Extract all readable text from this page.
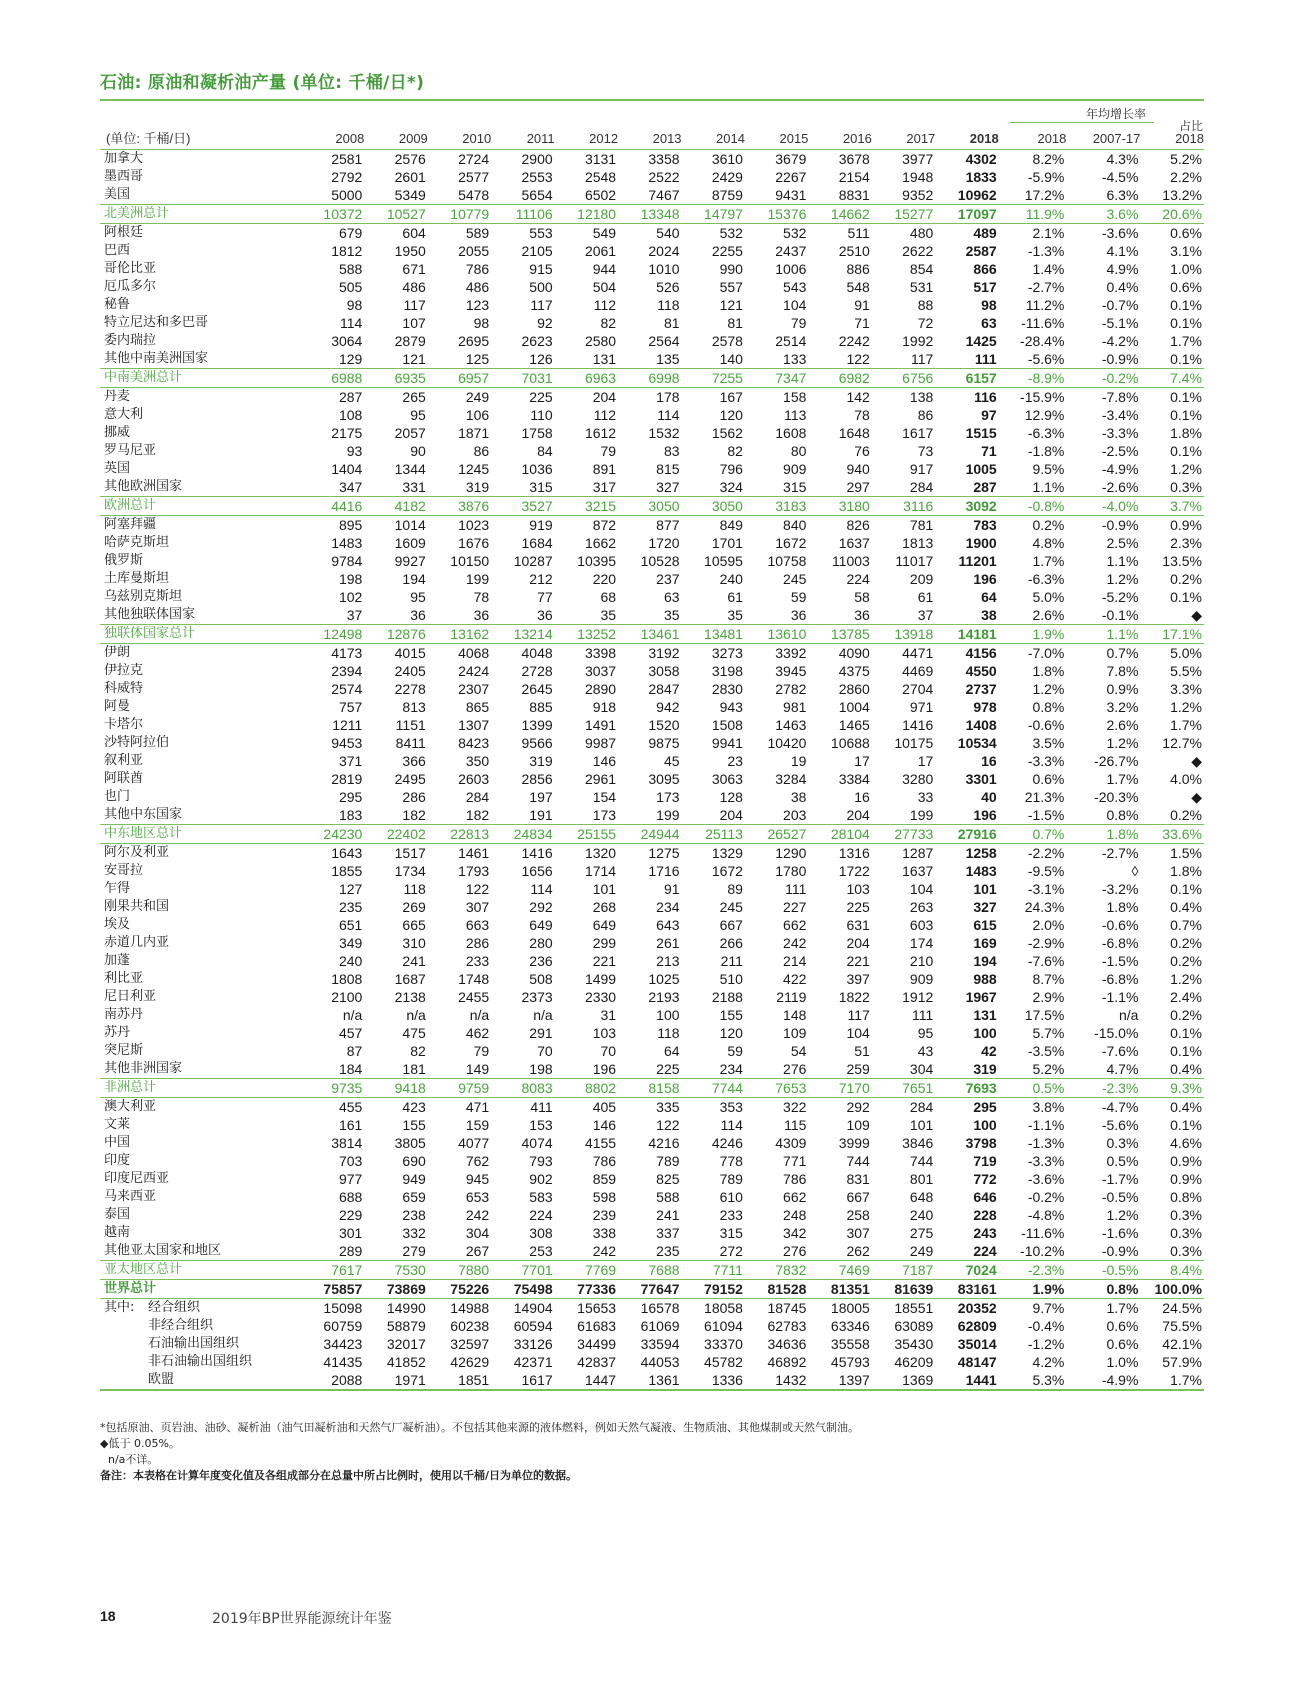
石油: 原油和凝析油产量 (单位: 千桶/日*)
年均增长率
占比
(单位: 千桶/日)	2008	2009	2010	2011	2012	2013	2014	2015	2016	2017	2018	2018	2007-17	2018
加拿大	2581	2576	2724	2900	3131	3358	3610	3679	3678	3977	4302	8.2%	4.3%	5.2%
墨西哥	2792	2601	2577	2553	2548	2522	2429	2267	2154	1948	1833	-5.9%	-4.5%	2.2%
美国	5000	5349	5478	5654	6502	7467	8759	9431	8831	9352	10962	17.2%	6.3%	13.2%
北美洲总计	10372	10527	10779	11106	12180	13348	14797	15376	14662	15277	17097	11.9%	3.6%	20.6%
阿根廷	679	604	589	553	549	540	532	532	511	480	489	2.1%	-3.6%	0.6%
巴西	1812	1950	2055	2105	2061	2024	2255	2437	2510	2622	2587	-1.3%	4.1%	3.1%
哥伦比亚	588	671	786	915	944	1010	990	1006	886	854	866	1.4%	4.9%	1.0%
厄瓜多尔	505	486	486	500	504	526	557	543	548	531	517	-2.7%	0.4%	0.6%
秘鲁	98	117	123	117	112	118	121	104	91	88	98	11.2%	-0.7%	0.1%
特立尼达和多巴哥	114	107	98	92	82	81	81	79	71	72	63	-11.6%	-5.1%	0.1%
委内瑞拉	3064	2879	2695	2623	2580	2564	2578	2514	2242	1992	1425	-28.4%	-4.2%	1.7%
其他中南美洲国家	129	121	125	126	131	135	140	133	122	117	111	-5.6%	-0.9%	0.1%
中南美洲总计	6988	6935	6957	7031	6963	6998	7255	7347	6982	6756	6157	-8.9%	-0.2%	7.4%
丹麦	287	265	249	225	204	178	167	158	142	138	116	-15.9%	-7.8%	0.1%
意大利	108	95	106	110	112	114	120	113	78	86	97	12.9%	-3.4%	0.1%
挪威	2175	2057	1871	1758	1612	1532	1562	1608	1648	1617	1515	-6.3%	-3.3%	1.8%
罗马尼亚	93	90	86	84	79	83	82	80	76	73	71	-1.8%	-2.5%	0.1%
英国	1404	1344	1245	1036	891	815	796	909	940	917	1005	9.5%	-4.9%	1.2%
其他欧洲国家	347	331	319	315	317	327	324	315	297	284	287	1.1%	-2.6%	0.3%
欧洲总计	4416	4182	3876	3527	3215	3050	3050	3183	3180	3116	3092	-0.8%	-4.0%	3.7%
阿塞拜疆	895	1014	1023	919	872	877	849	840	826	781	783	0.2%	-0.9%	0.9%
哈萨克斯坦	1483	1609	1676	1684	1662	1720	1701	1672	1637	1813	1900	4.8%	2.5%	2.3%
俄罗斯	9784	9927	10150	10287	10395	10528	10595	10758	11003	11017	11201	1.7%	1.1%	13.5%
土库曼斯坦	198	194	199	212	220	237	240	245	224	209	196	-6.3%	1.2%	0.2%
乌兹别克斯坦	102	95	78	77	68	63	61	59	58	61	64	5.0%	-5.2%	0.1%
其他独联体国家	37	36	36	36	35	35	35	36	36	37	38	2.6%	-0.1%	◆
独联体国家总计	12498	12876	13162	13214	13252	13461	13481	13610	13785	13918	14181	1.9%	1.1%	17.1%
伊朗	4173	4015	4068	4048	3398	3192	3273	3392	4090	4471	4156	-7.0%	0.7%	5.0%
伊拉克	2394	2405	2424	2728	3037	3058	3198	3945	4375	4469	4550	1.8%	7.8%	5.5%
科威特	2574	2278	2307	2645	2890	2847	2830	2782	2860	2704	2737	1.2%	0.9%	3.3%
阿曼	757	813	865	885	918	942	943	981	1004	971	978	0.8%	3.2%	1.2%
卡塔尔	1211	1151	1307	1399	1491	1520	1508	1463	1465	1416	1408	-0.6%	2.6%	1.7%
沙特阿拉伯	9453	8411	8423	9566	9987	9875	9941	10420	10688	10175	10534	3.5%	1.2%	12.7%
叙利亚	371	366	350	319	146	45	23	19	17	17	16	-3.3%	-26.7%	◆
阿联酋	2819	2495	2603	2856	2961	3095	3063	3284	3384	3280	3301	0.6%	1.7%	4.0%
也门	295	286	284	197	154	173	128	38	16	33	40	21.3%	-20.3%	◆
其他中东国家	183	182	182	191	173	199	204	203	204	199	196	-1.5%	0.8%	0.2%
中东地区总计	24230	22402	22813	24834	25155	24944	25113	26527	28104	27733	27916	0.7%	1.8%	33.6%
阿尔及利亚	1643	1517	1461	1416	1320	1275	1329	1290	1316	1287	1258	-2.2%	-2.7%	1.5%
安哥拉	1855	1734	1793	1656	1714	1716	1672	1780	1722	1637	1483	-9.5%	◊	1.8%
乍得	127	118	122	114	101	91	89	111	103	104	101	-3.1%	-3.2%	0.1%
刚果共和国	235	269	307	292	268	234	245	227	225	263	327	24.3%	1.8%	0.4%
埃及	651	665	663	649	649	643	667	662	631	603	615	2.0%	-0.6%	0.7%
赤道几内亚	349	310	286	280	299	261	266	242	204	174	169	-2.9%	-6.8%	0.2%
加蓬	240	241	233	236	221	213	211	214	221	210	194	-7.6%	-1.5%	0.2%
利比亚	1808	1687	1748	508	1499	1025	510	422	397	909	988	8.7%	-6.8%	1.2%
尼日利亚	2100	2138	2455	2373	2330	2193	2188	2119	1822	1912	1967	2.9%	-1.1%	2.4%
南苏丹	n/a	n/a	n/a	n/a	31	100	155	148	117	111	131	17.5%	n/a	0.2%
苏丹	457	475	462	291	103	118	120	109	104	95	100	5.7%	-15.0%	0.1%
突尼斯	87	82	79	70	70	64	59	54	51	43	42	-3.5%	-7.6%	0.1%
其他非洲国家	184	181	149	198	196	225	234	276	259	304	319	5.2%	4.7%	0.4%
非洲总计	9735	9418	9759	8083	8802	8158	7744	7653	7170	7651	7693	0.5%	-2.3%	9.3%
澳大利亚	455	423	471	411	405	335	353	322	292	284	295	3.8%	-4.7%	0.4%
文莱	161	155	159	153	146	122	114	115	109	101	100	-1.1%	-5.6%	0.1%
中国	3814	3805	4077	4074	4155	4216	4246	4309	3999	3846	3798	-1.3%	0.3%	4.6%
印度	703	690	762	793	786	789	778	771	744	744	719	-3.3%	0.5%	0.9%
印度尼西亚	977	949	945	902	859	825	789	786	831	801	772	-3.6%	-1.7%	0.9%
马来西亚	688	659	653	583	598	588	610	662	667	648	646	-0.2%	-0.5%	0.8%
泰国	229	238	242	224	239	241	233	248	258	240	228	-4.8%	1.2%	0.3%
越南	301	332	304	308	338	337	315	342	307	275	243	-11.6%	-1.6%	0.3%
其他亚太国家和地区	289	279	267	253	242	235	272	276	262	249	224	-10.2%	-0.9%	0.3%
亚太地区总计	7617	7530	7880	7701	7769	7688	7711	7832	7469	7187	7024	-2.3%	-0.5%	8.4%
世界总计	75857	73869	75226	75498	77336	77647	79152	81528	81351	81639	83161	1.9%	0.8%	100.0%
其中: 经合组织	15098	14990	14988	14904	15653	16578	18058	18745	18005	18551	20352	9.7%	1.7%	24.5%
非经合组织	60759	58879	60238	60594	61683	61069	61094	62783	63346	63089	62809	-0.4%	0.6%	75.5%
石油输出国组织	34423	32017	32597	33126	34499	33594	33370	34636	35558	35430	35014	-1.2%	0.6%	42.1%
非石油输出国组织	41435	41852	42629	42371	42837	44053	45782	46892	45793	46209	48147	4.2%	1.0%	57.9%
欧盟	2088	1971	1851	1617	1447	1361	1336	1432	1397	1369	1441	5.3%	-4.9%	1.7%
*包括原油、页岩油、油砂、凝析油（油气田凝析油和天然气厂凝析油）。不包括其他来源的液体燃料，例如天然气凝液、生物质油、其他煤制或天然气制油。
◆低于 0.05%。
n/a不详。
备注：本表格在计算年度变化值及各组成部分在总量中所占比例时，使用以千桶/日为单位的数据。
18	2019年BP世界能源统计年鉴
